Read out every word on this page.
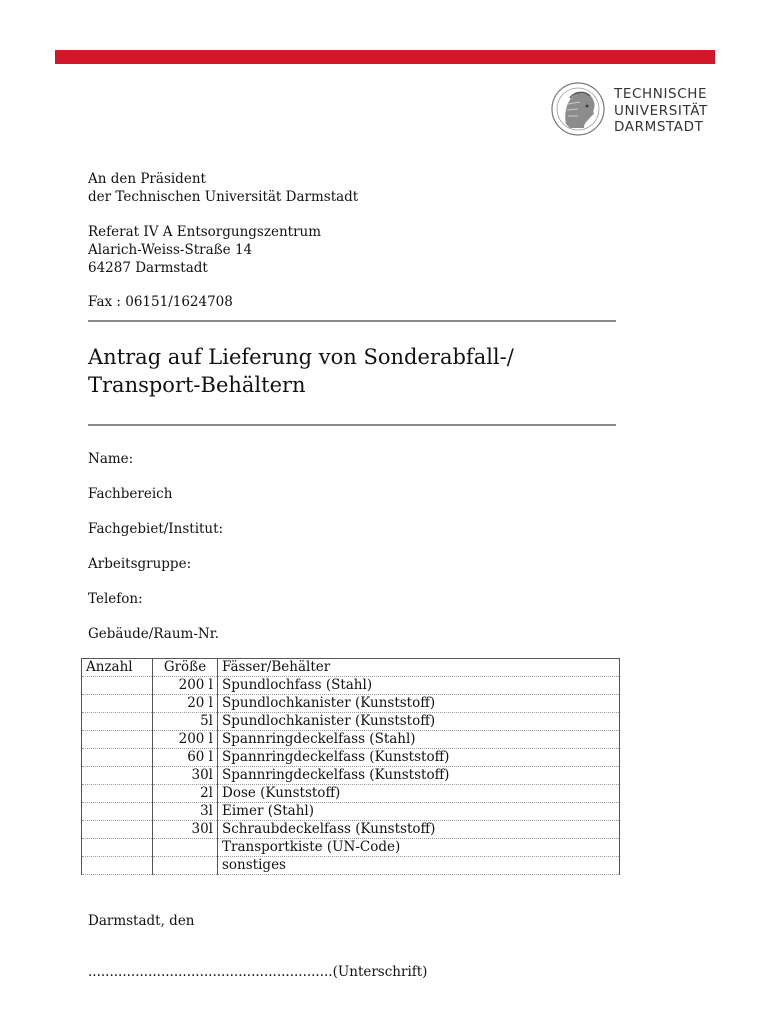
TECHNISCHE
UNIVERSITÄT
DARMSTADT
An den Präsident
der Technischen Universität Darmstadt
Referat IV A Entsorgungszentrum
Alarich-Weiss-Straße 14
64287 Darmstadt
Fax : 06151/1624708
Antrag auf Lieferung von Sonderabfall-/ Transport-Behältern
Name:
Fachbereich
Fachgebiet/Institut:
Arbeitsgruppe:
Telefon:
Gebäude/Raum-Nr.
Anzahl	Größe	Fässer/Behälter
	200 l	Spundlochfass (Stahl)
	20 l	Spundlochkanister (Kunststoff)
	5l	Spundlochkanister (Kunststoff)
	200 l	Spannringdeckelfass (Stahl)
	60 l	Spannringdeckelfass (Kunststoff)
	30l	Spannringdeckelfass (Kunststoff)
	2l	Dose (Kunststoff)
	3l	Eimer (Stahl)
	30l	Schraubdeckelfass (Kunststoff)
		Transportkiste (UN-Code)
		sonstiges
Darmstadt, den
.........................................................(Unterschrift)
